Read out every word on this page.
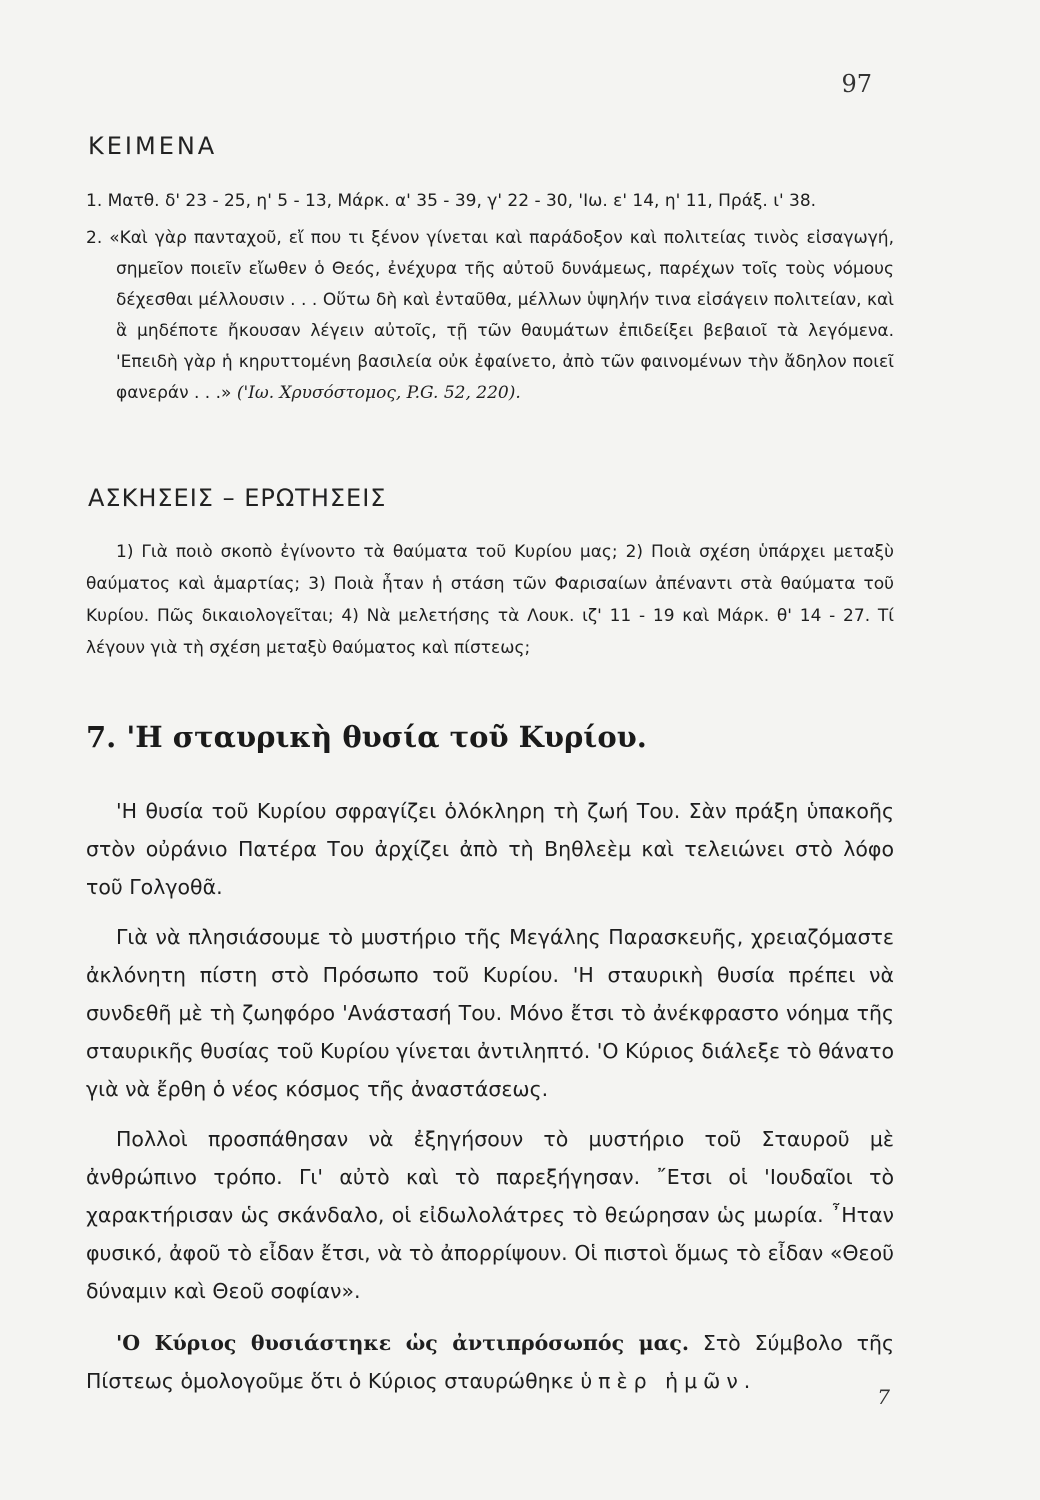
97
ΚΕΙΜΕΝΑ

1. Ματθ. δ' 23 - 25, η' 5 - 13, Μάρκ. α' 35 - 39, γ' 22 - 30, 'Ιω. ε' 14, η' 11, Πράξ. ι' 38.

2. «Καὶ γὰρ πανταχοῦ, εἴ που τι ξένον γίνεται καὶ παράδοξον καὶ πολιτείας τινὸς εἰσαγωγή, σημεῖον ποιεῖν εἴωθεν ὁ Θεός, ἐνέχυρα τῆς αὐτοῦ δυνάμεως, παρέχων τοῖς τοὺς νόμους δέχεσθαι μέλλουσιν . . . Οὕτω δὴ καὶ ἐνταῦθα, μέλλων ὑψηλήν τινα εἰσάγειν πολιτείαν, καὶ ἃ μηδέποτε ἤκουσαν λέγειν αὐτοῖς, τῇ τῶν θαυμάτων ἐπιδείξει βεβαιοῖ τὰ λεγόμενα. 'Επειδὴ γὰρ ἡ κηρυττομένη βασιλεία οὐκ ἐφαίνετο, ἀπὸ τῶν φαινομένων τὴν ἄδηλον ποιεῖ φανεράν . . .» ('Ιω. Χρυσόστομος, P.G. 52, 220).

ΑΣΚΗΣΕΙΣ – ΕΡΩΤΗΣΕΙΣ
1) Γιὰ ποιὸ σκοπὸ ἐγίνοντο τὰ θαύματα τοῦ Κυρίου μας; 2) Ποιὰ σχέση ὑπάρχει μεταξὺ θαύματος καὶ ἁμαρτίας; 3) Ποιὰ ἦταν ἡ στάση τῶν Φαρισαίων ἀπέναντι στὰ θαύματα τοῦ Κυρίου. Πῶς δικαιολογεῖται; 4) Νὰ μελετήσης τὰ Λουκ. ιζ' 11 - 19 καὶ Μάρκ. θ' 14 - 27. Τί λέγουν γιὰ τὴ σχέση μεταξὺ θαύματος καὶ πίστεως;
7. 'Η σταυρικὴ θυσία τοῦ Κυρίου.

'Η θυσία τοῦ Κυρίου σφραγίζει ὁλόκληρη τὴ ζωή Του. Σὰν πράξη ὑπακοῆς στὸν οὐράνιο Πατέρα Του ἀρχίζει ἀπὸ τὴ Βηθλεὲμ καὶ τελειώνει στὸ λόφο τοῦ Γολγοθᾶ.

Γιὰ νὰ πλησιάσουμε τὸ μυστήριο τῆς Μεγάλης Παρασκευῆς, χρειαζόμαστε ἀκλόνητη πίστη στὸ Πρόσωπο τοῦ Κυρίου. 'Η σταυρικὴ θυσία πρέπει νὰ συνδεθῆ μὲ τὴ ζωηφόρο 'Ανάστασή Του. Μόνο ἔτσι τὸ ἀνέκφραστο νόημα τῆς σταυρικῆς θυσίας τοῦ Κυρίου γίνεται ἀντιληπτό. 'Ο Κύριος διάλεξε τὸ θάνατο γιὰ νὰ ἔρθη ὁ νέος κόσμος τῆς ἀναστάσεως.

Πολλοὶ προσπάθησαν νὰ ἐξηγήσουν τὸ μυστήριο τοῦ Σταυροῦ μὲ ἀνθρώπινο τρόπο. Γι' αὐτὸ καὶ τὸ παρεξήγησαν. ῎Ετσι οἱ 'Ιουδαῖοι τὸ χαρακτήρισαν ὡς σκάνδαλο, οἱ εἰδωλολάτρες τὸ θεώρησαν ὡς μωρία. ῏Ηταν φυσικό, ἀφοῦ τὸ εἶδαν ἔτσι, νὰ τὸ ἀπορρίψουν. Οἱ πιστοὶ ὅμως τὸ εἶδαν «Θεοῦ δύναμιν καὶ Θεοῦ σοφίαν».

'Ο Κύριος θυσιάστηκε ὡς ἀντιπρόσωπός μας. Στὸ Σύμβολο τῆς Πίστεως ὁμολογοῦμε ὅτι ὁ Κύριος σταυρώθηκε ὑπὲρ ἡμῶν.

7
